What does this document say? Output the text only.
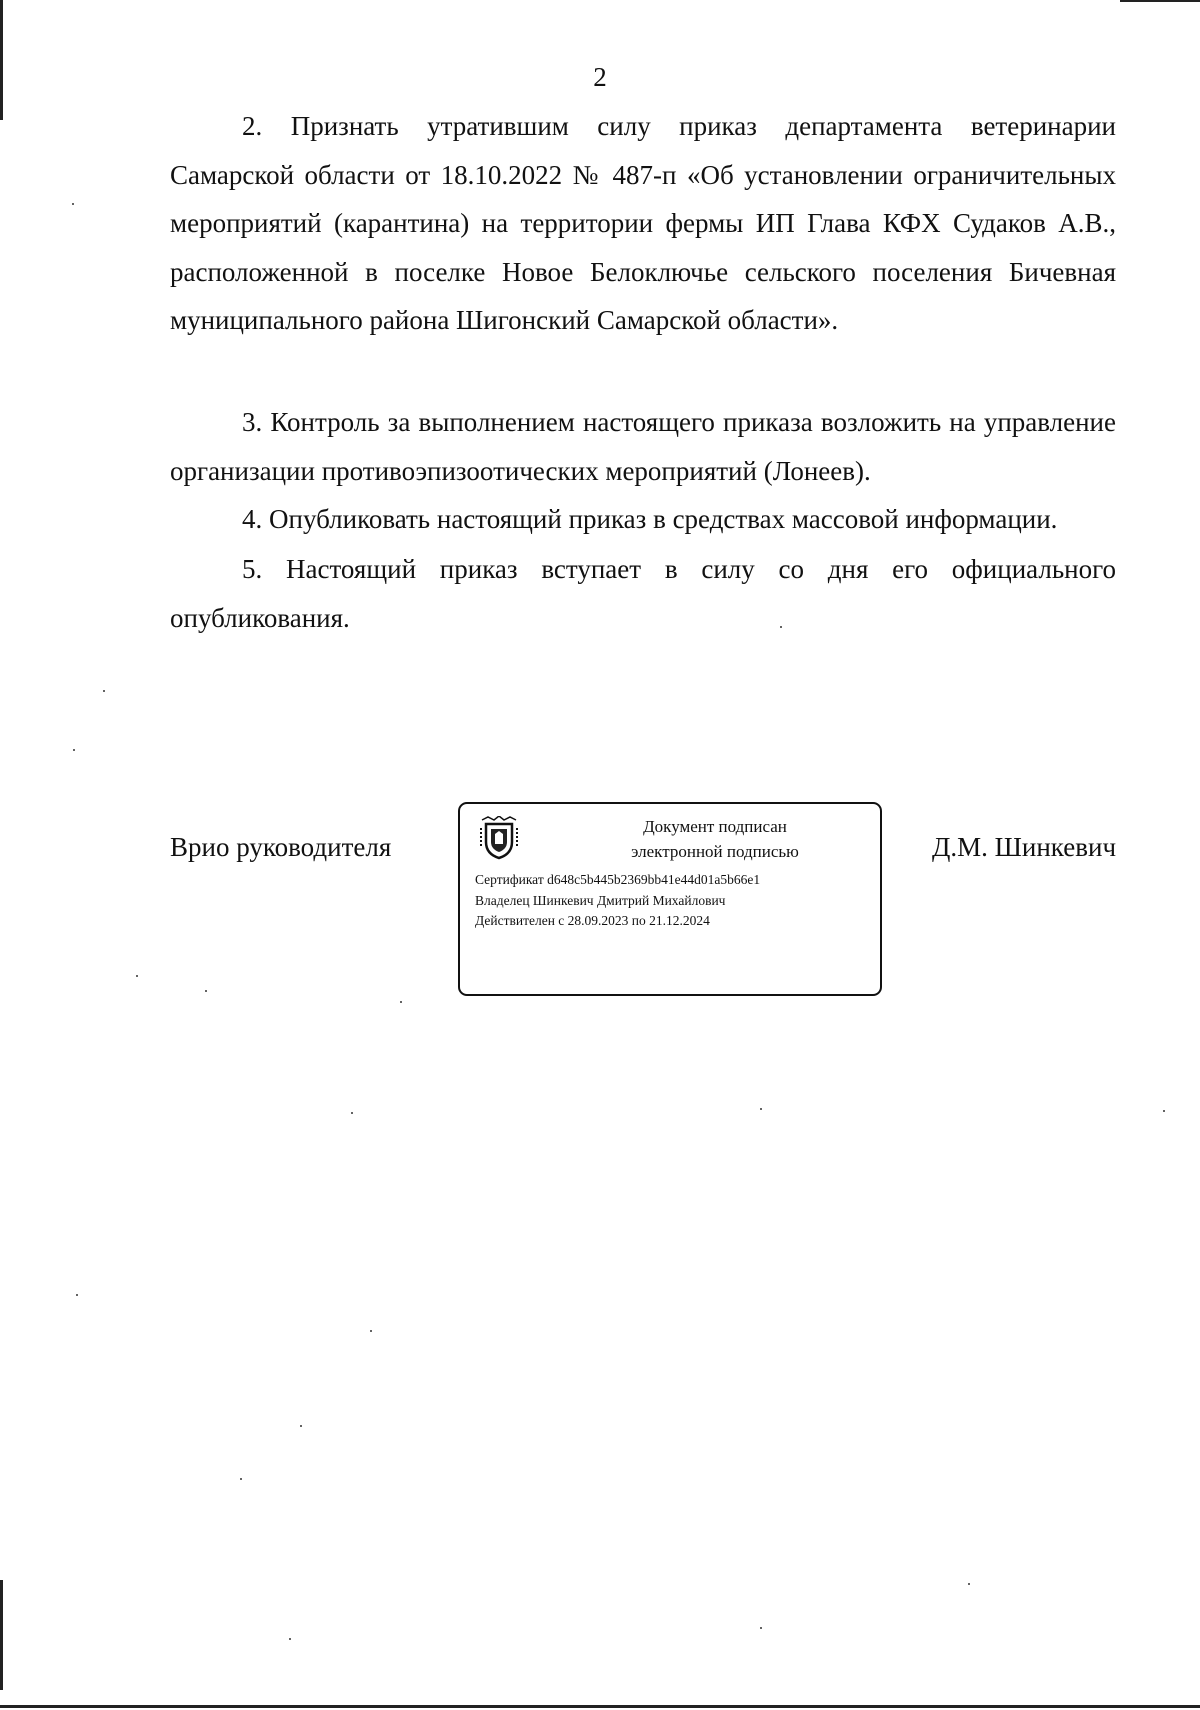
2

2. Признать утратившим силу приказ департамента ветеринарии Самарской области от 18.10.2022 № 487-п «Об установлении ограничительных мероприятий (карантина) на территории фермы ИП Глава КФХ Судаков А.В., расположенной в поселке Новое Белоключье сельского поселения Бичевная муниципального района Шигонский Самарской области».

3. Контроль за выполнением настоящего приказа возложить на управление организации противоэпизоотических мероприятий (Лонеев).

4. Опубликовать настоящий приказ в средствах массовой информации.

5. Настоящий приказ вступает в силу со дня его официального опубликования.

Врио руководителя
Документ подписан
электронной подписью
Сертификат d648c5b445b2369bb41e44d01a5b66e1
Владелец Шинкевич Дмитрий Михайлович
Действителен с 28.09.2023 по 21.12.2024
Д.М. Шинкевич
